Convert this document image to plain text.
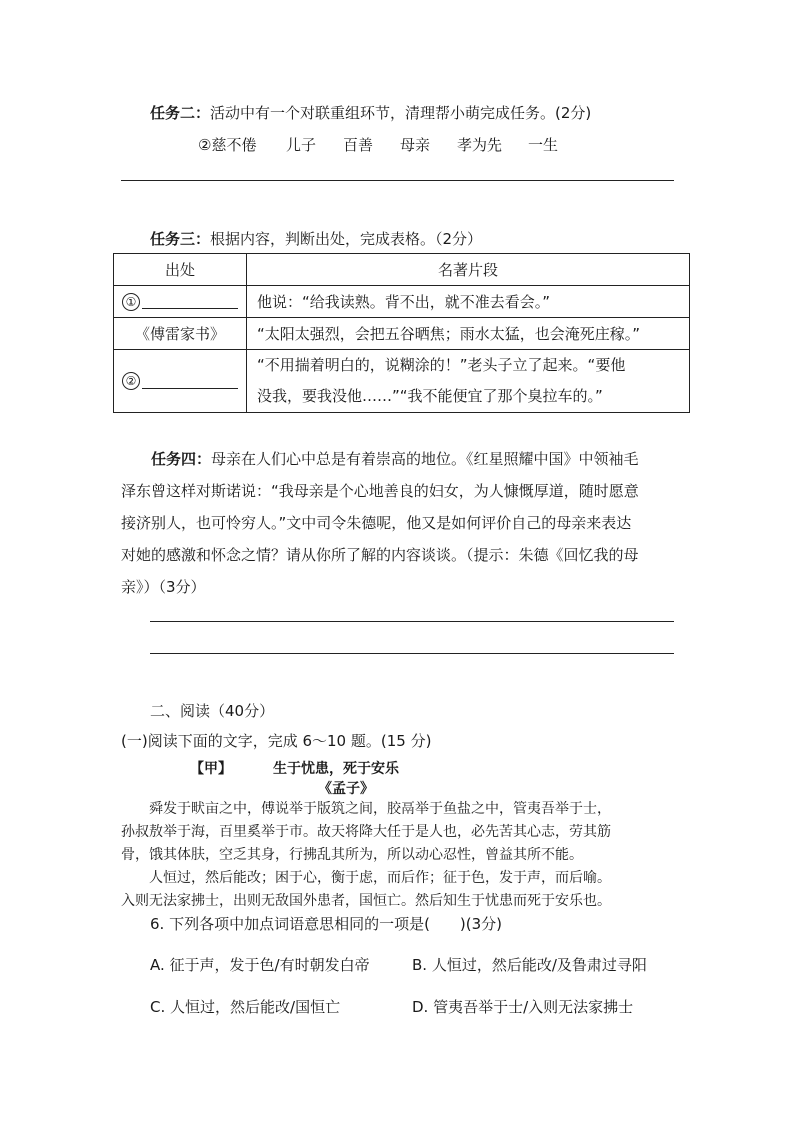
任务二：活动中有一个对联重组环节，清理帮小萌完成任务。(2分)
②慈不倦 儿子 百善 母亲 孝为先 一生
任务三：根据内容，判断出处，完成表格。（2分）
出处	名著片段
①	他说：“给我读熟。背不出，就不准去看会。”
《傅雷家书》	“太阳太强烈，会把五谷晒焦；雨水太猛，也会淹死庄稼。”
②	“不用揣着明白的，说糊涂的！”老头子立了起来。“要他
没我，要我没他……”“我不能便宜了那个臭拉车的。”
任务四：母亲在人们心中总是有着崇高的地位。《红星照耀中国》中领袖毛
泽东曾这样对斯诺说：“我母亲是个心地善良的妇女，为人慷慨厚道，随时愿意
接济别人，也可怜穷人。”文中司令朱德呢，他又是如何评价自己的母亲来表达
对她的感激和怀念之情？请从你所了解的内容谈谈。（提示：朱德《回忆我的母
亲》）（3分）
二、阅读（40分）
(一)阅读下面的文字，完成 6～10 题。(15 分)
【甲】	生于忧患，死于安乐
《孟子》
舜发于畎亩之中，傅说举于版筑之间，胶鬲举于鱼盐之中，管夷吾举于士，
孙叔敖举于海，百里奚举于市。故天将降大任于是人也，必先苦其心志，劳其筋
骨，饿其体肤，空乏其身，行拂乱其所为，所以动心忍性，曾益其所不能。
人恒过，然后能改；困于心，衡于虑，而后作；征于色，发于声，而后喻。
入则无法家拂士，出则无敌国外患者，国恒亡。然后知生于忧患而死于安乐也。
6. 下列各项中加点词语意思相同的一项是(　　)(3分)
A. 征于声，发于色/有时朝发白帝	B. 人恒过，然后能改/及鲁肃过寻阳
C. 人恒过，然后能改/国恒亡	D. 管夷吾举于士/入则无法家拂士
